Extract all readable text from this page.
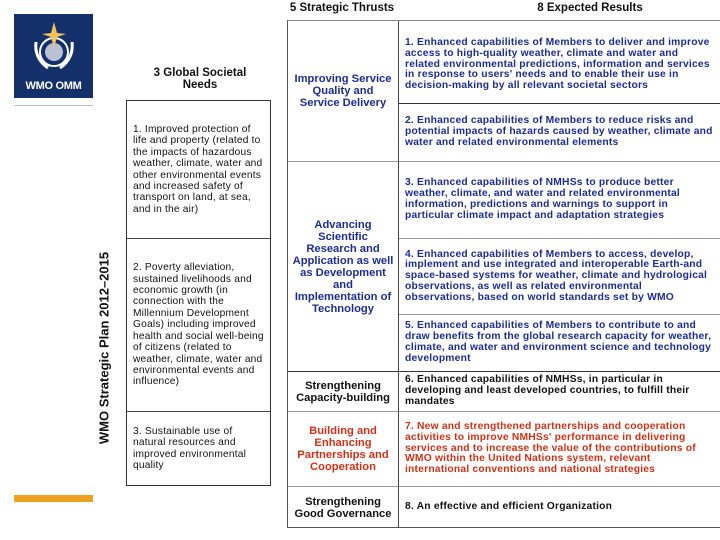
WMO OMM
WMO Strategic Plan 2012–2015
3 Global Societal Needs
5 Strategic Thrusts	8 Expected Results
1. Improved protection of life and property (related to the impacts of hazardous weather, climate, water and other environmental events and increased safety of transport on land, at sea, and in the air)
2. Poverty alleviation, sustained livelihoods and economic growth (in connection with the Millennium Development Goals) including improved health and social well-being of citizens (related to weather, climate, water and environmental events and influence)
3. Sustainable use of natural resources and improved environmental quality
Improving Service Quality and Service Delivery
Advancing Scientific Research and Application as well as Development and Implementation of Technology
Strengthening Capacity-building
Building and Enhancing Partnerships and Cooperation
Strengthening Good Governance
1. Enhanced capabilities of Members to deliver and improve access to high-quality weather, climate and water and related environmental predictions, information and services in response to users' needs and to enable their use in decision-making by all relevant societal sectors
2. Enhanced capabilities of Members to reduce risks and potential impacts of hazards caused by weather, climate and water and related environmental elements
3. Enhanced capabilities of NMHSs to produce better weather, climate, and water and related environmental information, predictions and warnings to support in particular climate impact and adaptation strategies
4. Enhanced capabilities of Members to access, develop, implement and use integrated and interoperable Earth-and space-based systems for weather, climate and hydrological observations, as well as related environmental observations, based on world standards set by WMO
5. Enhanced capabilities of Members to contribute to and draw benefits from the global research capacity for weather, climate, and water and environment science and technology development
6. Enhanced capabilities of NMHSs, in particular in developing and least developed countries, to fulfill their mandates
7. New and strengthened partnerships and cooperation activities to improve NMHSs' performance in delivering services and to increase the value of the contributions of WMO within the United Nations system, relevant international conventions and national strategies
8. An effective and efficient Organization
